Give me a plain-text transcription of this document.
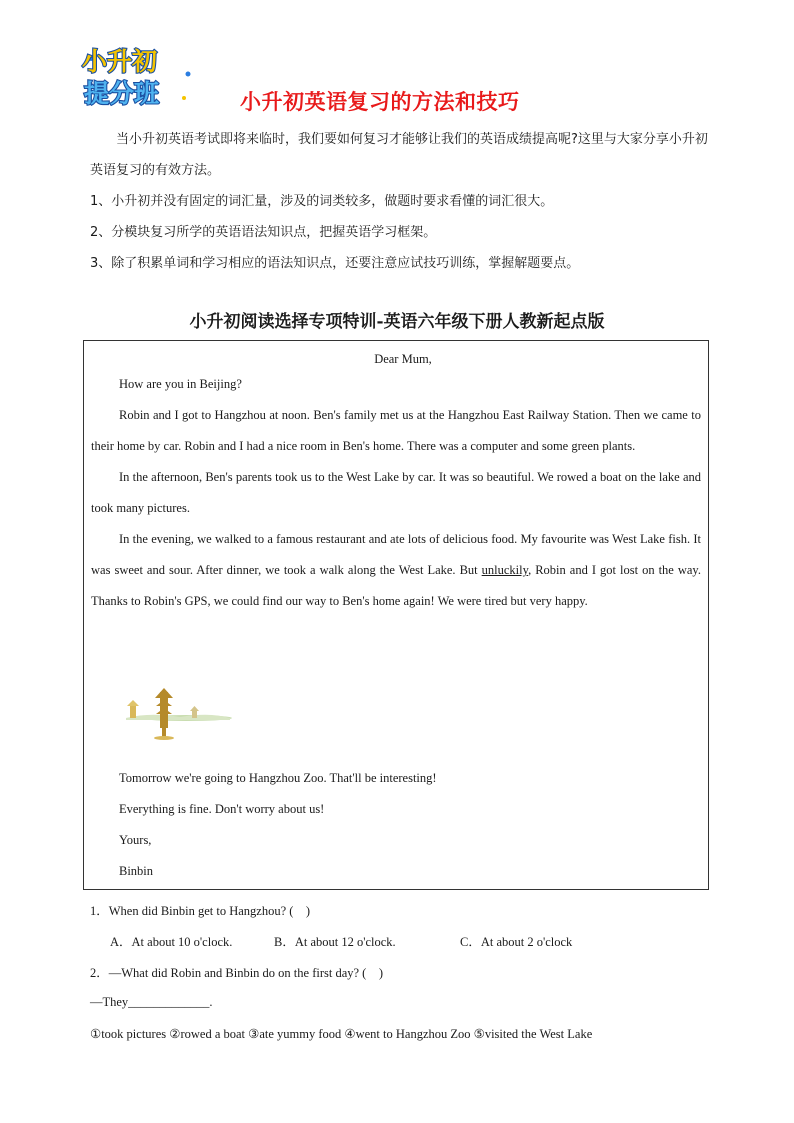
小升初
提分班	小升初英语复习的方法和技巧

当小升初英语考试即将来临时，我们要如何复习才能够让我们的英语成绩提高呢?这里与大家分享小升初英语复习的有效方法。

1、小升初并没有固定的词汇量，涉及的词类较多，做题时要求看懂的词汇很大。

2、分模块复习所学的英语语法知识点，把握英语学习框架。

3、除了积累单词和学习相应的语法知识点，还要注意应试技巧训练，掌握解题要点。

小升初阅读选择专项特训-英语六年级下册人教新起点版
Dear Mum,

How are you in Beijing?

Robin and I got to Hangzhou at noon. Ben's family met us at the Hangzhou East Railway Station. Then we came to their home by car. Robin and I had a nice room in Ben's home. There was a computer and some green plants.

In the afternoon, Ben's parents took us to the West Lake by car. It was so beautiful. We rowed a boat on the lake and took many pictures.

In the evening, we walked to a famous restaurant and ate lots of delicious food. My favourite was West Lake fish. It was sweet and sour. After dinner, we took a walk along the West Lake. But unluckily, Robin and I got lost on the way. Thanks to Robin's GPS, we could find our way to Ben's home again! We were tired but very happy.

Tomorrow we're going to Hangzhou Zoo. That'll be interesting!

Everything is fine. Don't worry about us!

Yours,

Binbin

1．When did Binbin get to Hangzhou? (　)
A．At about 10 o'clock.	B．At about 12 o'clock.	C．At about 2 o'clock
2．—What did Robin and Binbin do on the first day? (　)
—They_____________.
①took pictures ②rowed a boat ③ate yummy food ④went to Hangzhou Zoo ⑤visited the West Lake
